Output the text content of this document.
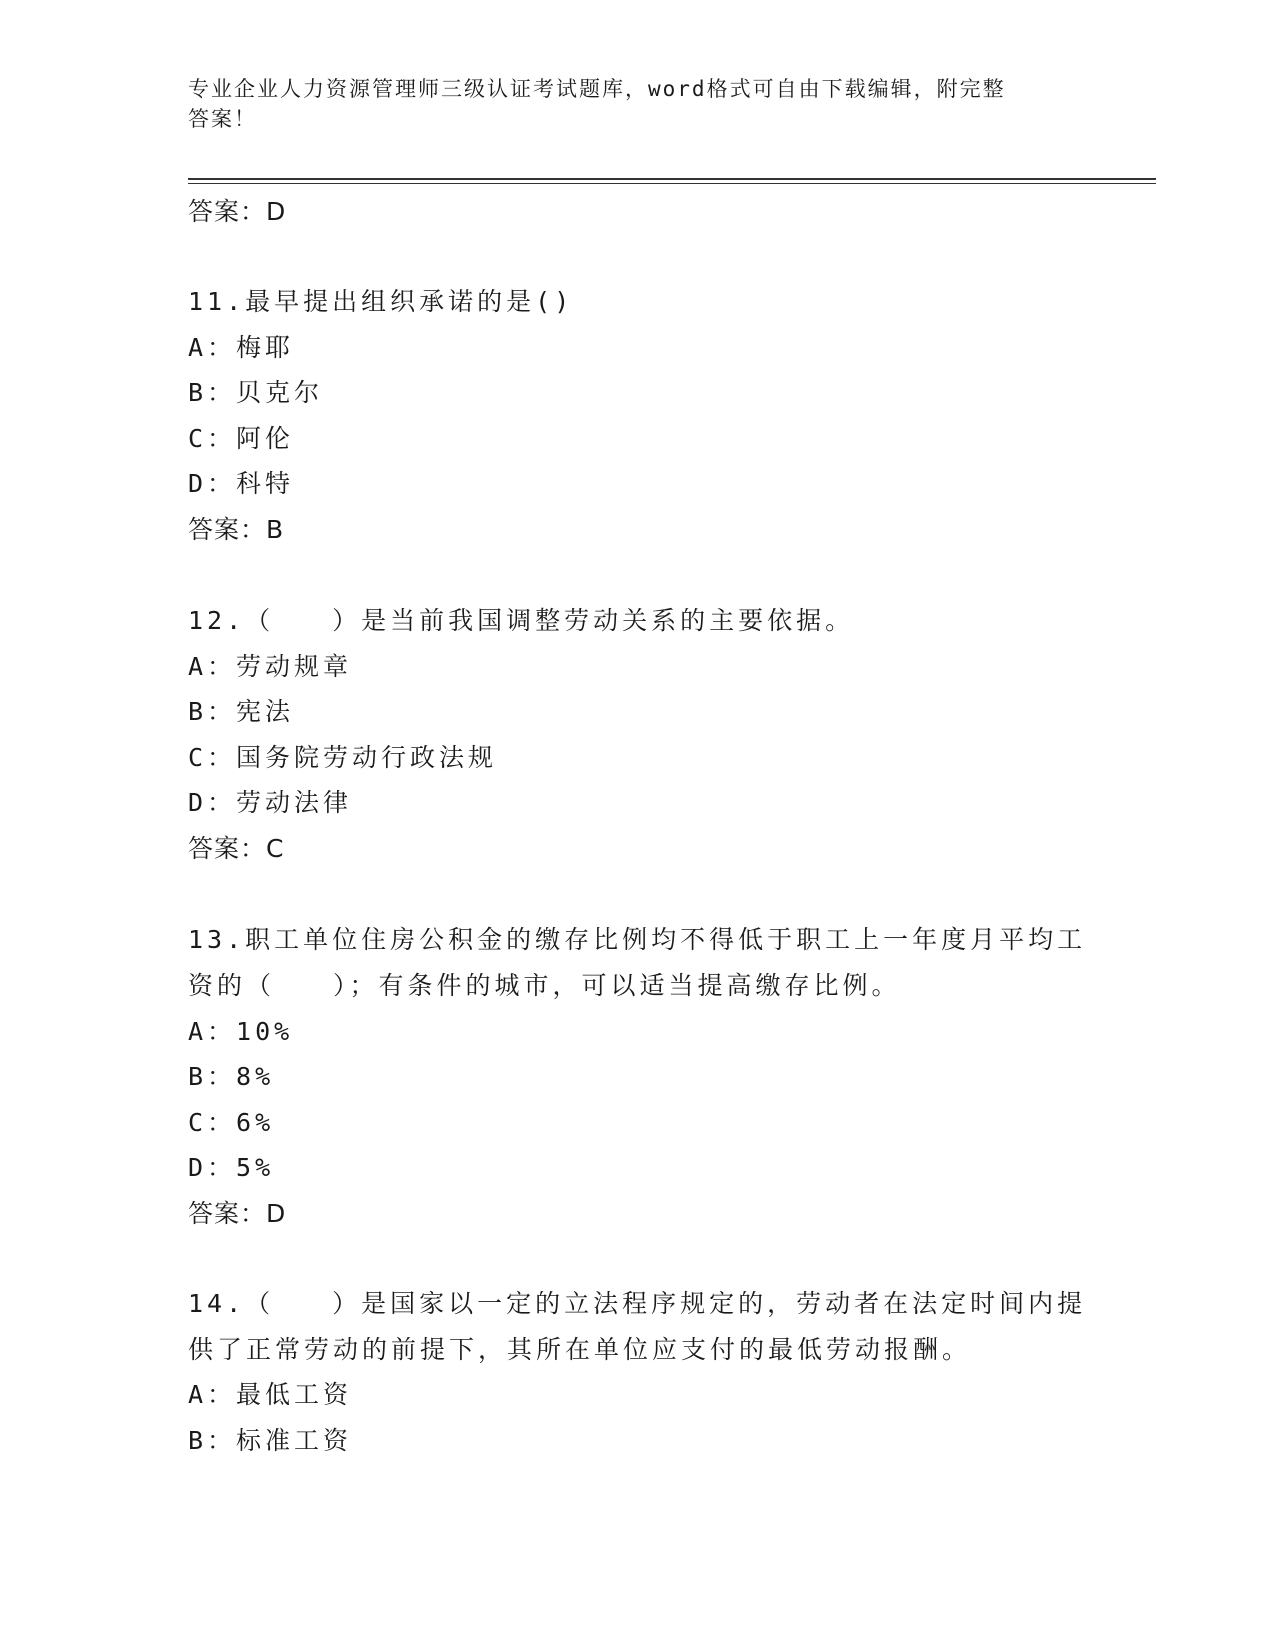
专业企业人力资源管理师三级认证考试题库，word格式可自由下载编辑，附完整
答案！
答案：D
11.最早提出组织承诺的是()
A：梅耶
B：贝克尔
C：阿伦
D：科特
答案：B
12.（　　）是当前我国调整劳动关系的主要依据。
A：劳动规章
B：宪法
C：国务院劳动行政法规
D：劳动法律
答案：C
13.职工单位住房公积金的缴存比例均不得低于职工上一年度月平均工
资的（　　）；有条件的城市，可以适当提高缴存比例。
A：10%
B：8%
C：6%
D：5%
答案：D
14.（　　）是国家以一定的立法程序规定的，劳动者在法定时间内提
供了正常劳动的前提下，其所在单位应支付的最低劳动报酬。
A：最低工资
B：标准工资
